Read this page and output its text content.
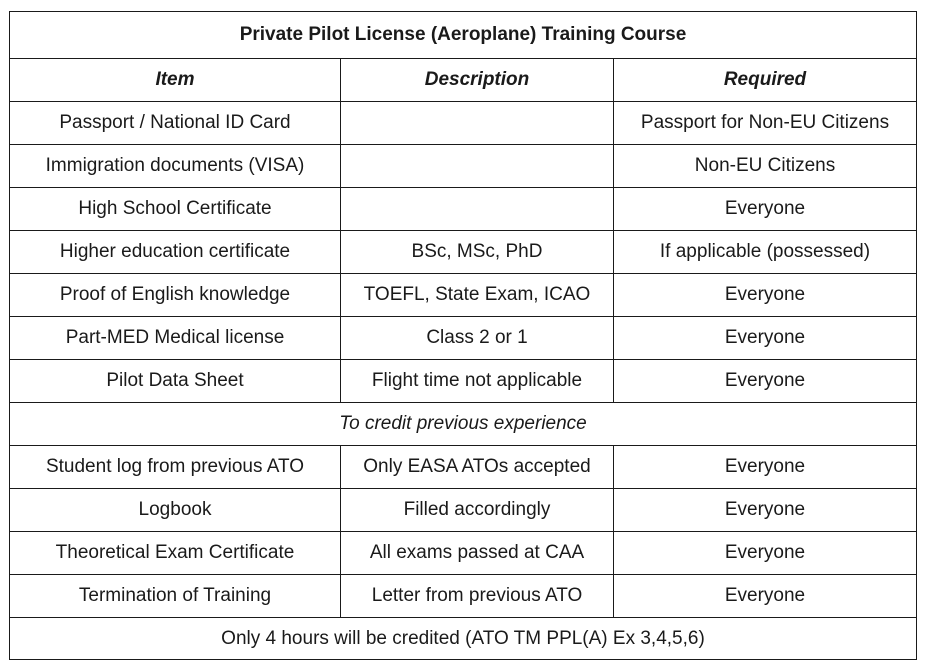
Private Pilot License (Aeroplane) Training Course		
Item	Description	Required
Passport / National ID Card		Passport for Non-EU Citizens
Immigration documents (VISA)		Non-EU Citizens
High School Certificate		Everyone
Higher education certificate	BSc, MSc, PhD	If applicable (possessed)
Proof of English knowledge	TOEFL, State Exam, ICAO	Everyone
Part-MED Medical license	Class 2 or 1	Everyone
Pilot Data Sheet	Flight time not applicable	Everyone
To credit previous experience		
Student log from previous ATO	Only EASA ATOs accepted	Everyone
Logbook	Filled accordingly	Everyone
Theoretical Exam Certificate	All exams passed at CAA	Everyone
Termination of Training	Letter from previous ATO	Everyone
Only 4 hours will be credited (ATO TM PPL(A) Ex 3,4,5,6)		
